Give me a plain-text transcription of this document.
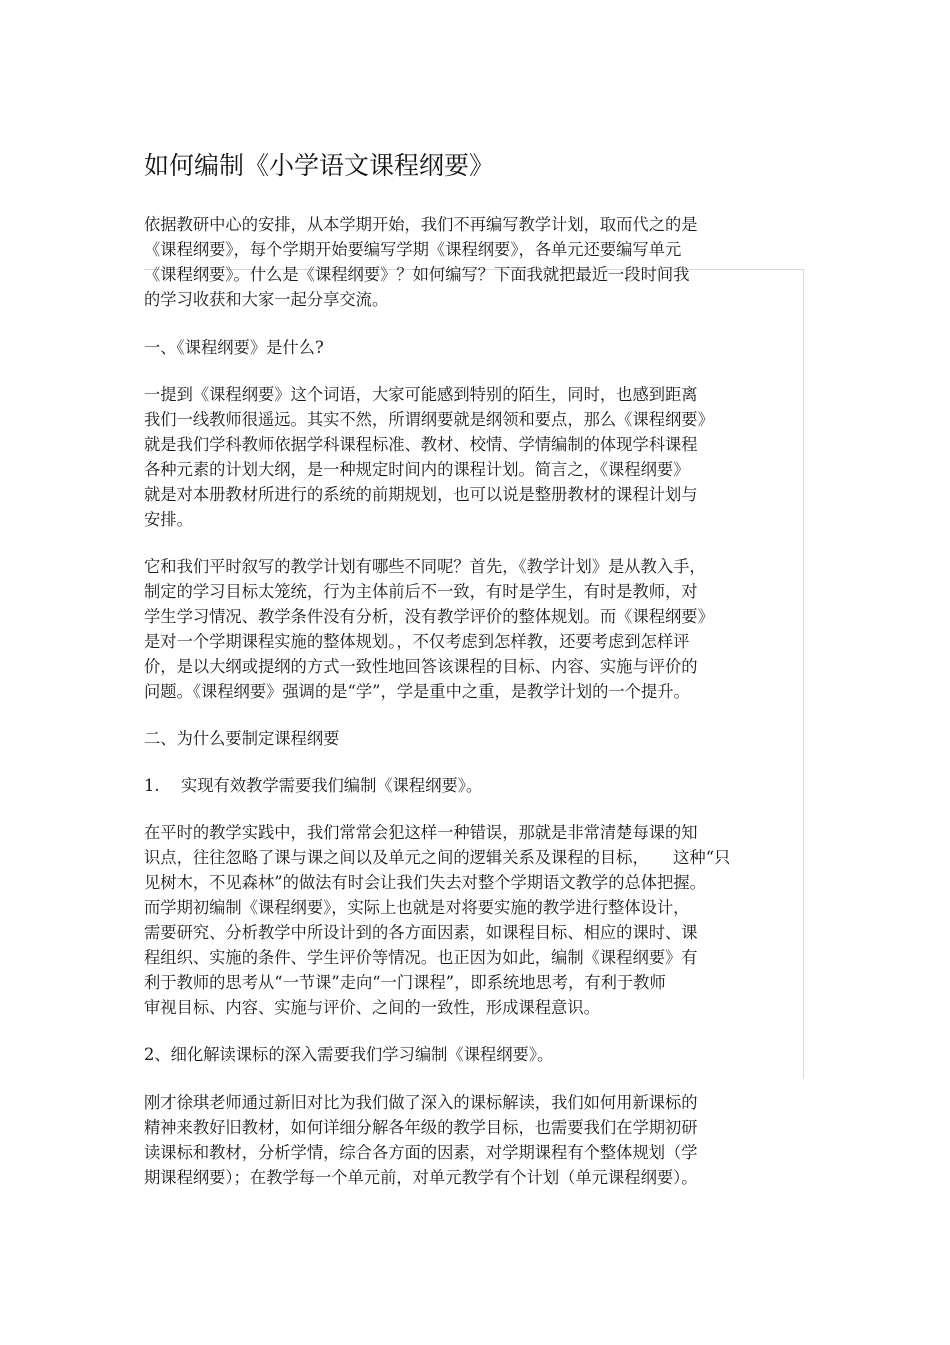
如何编制《小学语文课程纲要》
依据教研中心的安排，从本学期开始，我们不再编写教学计划，取而代之的是
《课程纲要》，每个学期开始要编写学期《课程纲要》，各单元还要编写单元
《课程纲要》。什么是《课程纲要》？如何编写？下面我就把最近一段时间我
的学习收获和大家一起分享交流。
一、《课程纲要》是什么?
一提到《课程纲要》这个词语，大家可能感到特别的陌生，同时，也感到距离
我们一线教师很遥远。其实不然，所谓纲要就是纲领和要点，那么《课程纲要》
就是我们学科教师依据学科课程标准、教材、校情、学情编制的体现学科课程
各种元素的计划大纲，是一种规定时间内的课程计划。简言之，《课程纲要》
就是对本册教材所进行的系统的前期规划，也可以说是整册教材的课程计划与
安排。
它和我们平时叙写的教学计划有哪些不同呢？首先，《教学计划》是从教入手，
制定的学习目标太笼统，行为主体前后不一致，有时是学生，有时是教师，对
学生学习情况、教学条件没有分析，没有教学评价的整体规划。而《课程纲要》
是对一个学期课程实施的整体规划。，不仅考虑到怎样教，还要考虑到怎样评
价，是以大纲或提纲的方式一致性地回答该课程的目标、内容、实施与评价的
问题。《课程纲要》强调的是“学”，学是重中之重，是教学计划的一个提升。
二、为什么要制定课程纲要
1.　 实现有效教学需要我们编制《课程纲要》。
在平时的教学实践中，我们常常会犯这样一种错误，那就是非常清楚每课的知
识点，往往忽略了课与课之间以及单元之间的逻辑关系及课程的目标，　　这种“只
见树木，不见森林”的做法有时会让我们失去对整个学期语文教学的总体把握。
而学期初编制《课程纲要》，实际上也就是对将要实施的教学进行整体设计，
需要研究、分析教学中所设计到的各方面因素，如课程目标、相应的课时、课
程组织、实施的条件、学生评价等情况。也正因为如此，编制《课程纲要》有
利于教师的思考从“一节课”走向“一门课程”，即系统地思考，有利于教师
审视目标、内容、实施与评价、之间的一致性，形成课程意识。
2、细化解读课标的深入需要我们学习编制《课程纲要》。
刚才徐琪老师通过新旧对比为我们做了深入的课标解读，我们如何用新课标的
精神来教好旧教材，如何详细分解各年级的教学目标，也需要我们在学期初研
读课标和教材，分析学情，综合各方面的因素，对学期课程有个整体规划（学
期课程纲要）；在教学每一个单元前，对单元教学有个计划（单元课程纲要）。
